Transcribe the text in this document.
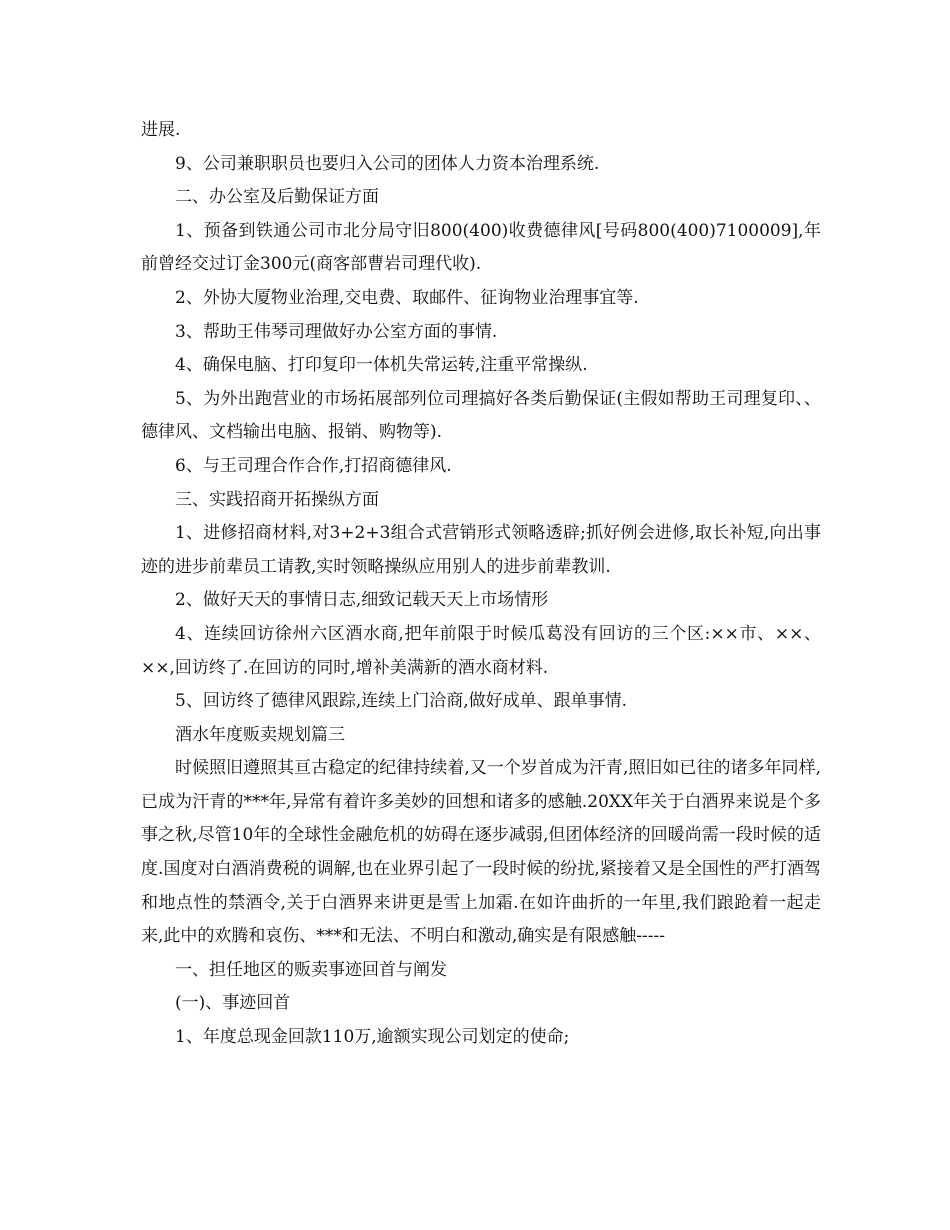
进展.

9、公司兼职职员也要归入公司的团体人力资本治理系统.

二、办公室及后勤保证方面

1、预备到铁通公司市北分局守旧800(400)收费德律风[号码800(400)7100009],年前曾经交过订金300元(商客部曹岩司理代收).

2、外协大厦物业治理,交电费、取邮件、征询物业治理事宜等.

3、帮助王伟琴司理做好办公室方面的事情.

4、确保电脑、打印复印一体机失常运转,注重平常操纵.

5、为外出跑营业的市场拓展部列位司理搞好各类后勤保证(主假如帮助王司理复印、、德律风、文档输出电脑、报销、购物等).

6、与王司理合作合作,打招商德律风.

三、实践招商开拓操纵方面

1、进修招商材料,对3+2+3组合式营销形式领略透辟;抓好例会进修,取长补短,向出事迹的进步前辈员工请教,实时领略操纵应用别人的进步前辈教训.

2、做好天天的事情日志,细致记载天天上市场情形

4、连续回访徐州六区酒水商,把年前限于时候瓜葛没有回访的三个区:××市、××、××,回访终了.在回访的同时,增补美满新的酒水商材料.

5、回访终了德律风跟踪,连续上门洽商,做好成单、跟单事情.

酒水年度贩卖规划篇三

时候照旧遵照其亘古稳定的纪律持续着,又一个岁首成为汗青,照旧如已往的诸多年同样,已成为汗青的***年,异常有着许多美妙的回想和诸多的感触.20XX年关于白酒界来说是个多事之秋,尽管10年的全球性金融危机的妨碍在逐步减弱,但团体经济的回暖尚需一段时候的适度.国度对白酒消费税的调解,也在业界引起了一段时候的纷扰,紧接着又是全国性的严打酒驾和地点性的禁酒令,关于白酒界来讲更是雪上加霜.在如许曲折的一年里,我们踉跄着一起走来,此中的欢腾和哀伤、***和无法、不明白和激动,确实是有限感触-----

一、担任地区的贩卖事迹回首与阐发

(一)、事迹回首

1、年度总现金回款110万,逾额实现公司划定的使命;
